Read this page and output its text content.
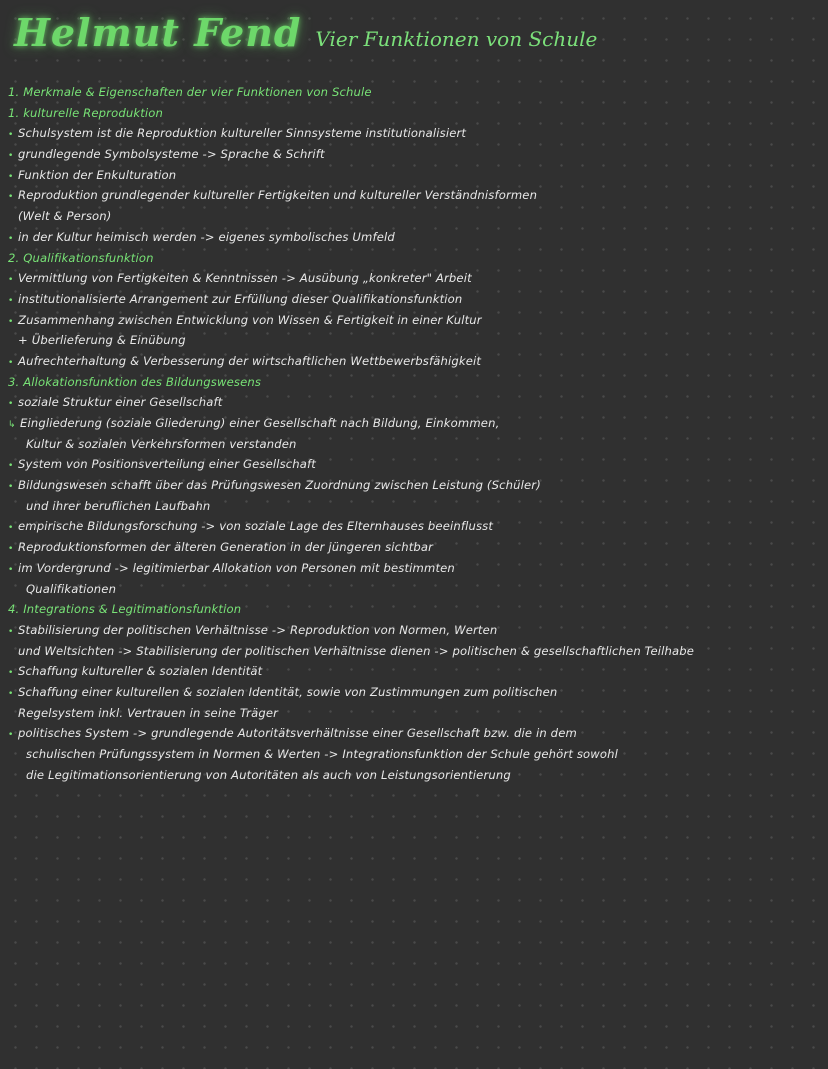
Helmut Fend Vier Funktionen von Schule
1. Merkmale & Eigenschaften der vier Funktionen von Schule
1. kulturelle Reproduktion
• Schulsystem ist die Reproduktion kultureller Sinnsysteme institutionalisiert
• grundlegende Symbolsysteme -> Sprache & Schrift
• Funktion der Enkulturation
• Reproduktion grundlegender kultureller Fertigkeiten und kultureller Verständnisformen
(Welt & Person)
• in der Kultur heimisch werden -> eigenes symbolisches Umfeld
2. Qualifikationsfunktion
• Vermittlung von Fertigkeiten & Kenntnissen -> Ausübung „konkreter" Arbeit
• institutionalisierte Arrangement zur Erfüllung dieser Qualifikationsfunktion
• Zusammenhang zwischen Entwicklung von Wissen & Fertigkeit in einer Kultur
+ Überlieferung & Einübung
• Aufrechterhaltung & Verbesserung der wirtschaftlichen Wettbewerbsfähigkeit
3. Allokationsfunktion des Bildungswesens
• soziale Struktur einer Gesellschaft
↳ Eingliederung (soziale Gliederung) einer Gesellschaft nach Bildung, Einkommen,
Kultur & sozialen Verkehrsformen verstanden
• System von Positionsverteilung einer Gesellschaft
• Bildungswesen schafft über das Prüfungswesen Zuordnung zwischen Leistung (Schüler)
und ihrer beruflichen Laufbahn
• empirische Bildungsforschung -> von soziale Lage des Elternhauses beeinflusst
• Reproduktionsformen der älteren Generation in der jüngeren sichtbar
• im Vordergrund -> legitimierbar Allokation von Personen mit bestimmten
Qualifikationen
4. Integrations & Legitimationsfunktion
• Stabilisierung der politischen Verhältnisse -> Reproduktion von Normen, Werten
und Weltsichten -> Stabilisierung der politischen Verhältnisse dienen -> politischen & gesellschaftlichen Teilhabe
• Schaffung kultureller & sozialen Identität
• Schaffung einer kulturellen & sozialen Identität, sowie von Zustimmungen zum politischen
Regelsystem inkl. Vertrauen in seine Träger
• politisches System -> grundlegende Autoritätsverhältnisse einer Gesellschaft bzw. die in dem
schulischen Prüfungssystem in Normen & Werten -> Integrationsfunktion der Schule gehört sowohl
die Legitimationsorientierung von Autoritäten als auch von Leistungsorientierung
